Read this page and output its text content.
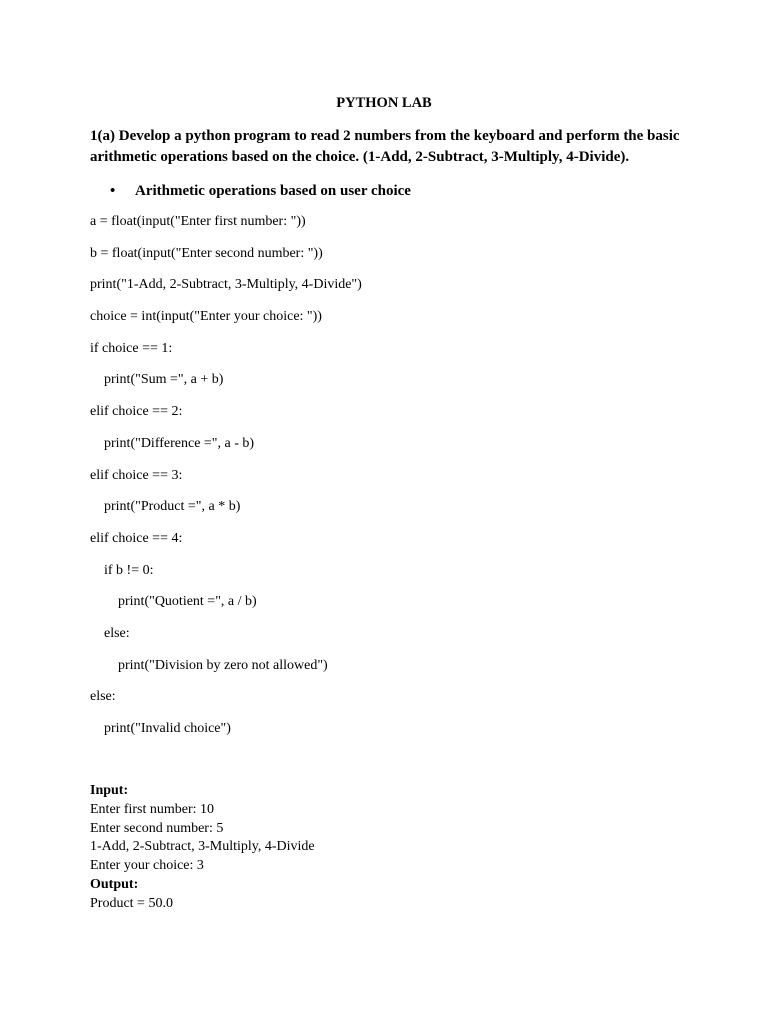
PYTHON LAB

1(a) Develop a python program to read 2 numbers from the keyboard and perform the basic arithmetic operations based on the choice. (1-Add, 2-Subtract, 3-Multiply, 4-Divide).

• Arithmetic operations based on user choice
a = float(input("Enter first number: "))
b = float(input("Enter second number: "))
print("1-Add, 2-Subtract, 3-Multiply, 4-Divide")
choice = int(input("Enter your choice: "))
if choice == 1:
print("Sum =", a + b)
elif choice == 2:
print("Difference =", a - b)
elif choice == 3:
print("Product =", a * b)
elif choice == 4:
if b != 0:
print("Quotient =", a / b)
else:
print("Division by zero not allowed")
else:
print("Invalid choice")
Input:
Enter first number: 10
Enter second number: 5
1-Add, 2-Subtract, 3-Multiply, 4-Divide
Enter your choice: 3
Output:
Product = 50.0
